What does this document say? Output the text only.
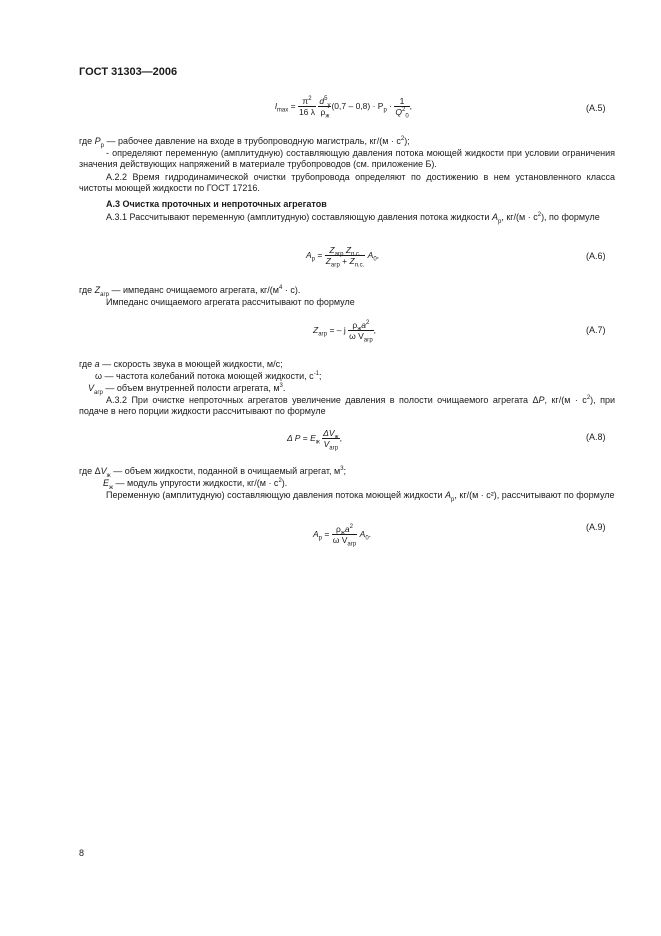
ГОСТ 31303—2006
$l_{max} = \frac{\pi^2}{16 \lambda}$
$d^5_у$
$\rho_ж$
$(0,7 - 0,8) \cdot P_р \cdot \frac{1}{Q^2_0}$ ,	(А.5)
где $P_р$ — рабочее давление на входе в трубопроводную магистраль, $кг/(м \cdot с^2)$;
- определяют переменную (амплитудную) составляющую давления потока моющей жидкости при условии ограничения значения действующих напряжений в материале трубопроводов (см. приложение Б).
А.2.2 Время гидродинамической очистки трубопровода определяют по достижению в нем установленного класса чистоты моющей жидкости по ГОСТ 17216.
А.3 Очистка проточных и непроточных агрегатов
А.3.1 Рассчитывают переменную (амплитудную) составляющую давления потока жидкости $A_р$, $кг/(м \cdot с^2)$, по формуле
$A_р = Z_{агр}$ $Z_{п.с.}$
$Z_{агр} + Z_{п.с.}$
$A_0$,	(А.6)
где $Z_{агр}$ — импеданс очищаемого агрегата, $кг/(м^4 \cdot с)$.
Импеданс очищаемого агрегата рассчитывают по формуле
$Z_{агр}$ = – j $\rho_жa^2$
ω $V_{агр}$
,	(А.7)
где a — скорость звука в моющей жидкости, м/с;
ω — частота колебаний потока моющей жидкости, $с^{-1}$;
$V_{агр}$ — объем внутренней полости агрегата, $м^3$.
А.3.2 При очистке непроточных агрегатов увеличение давления в полости очищаемого агрегата ΔP, $кг/(м \cdot с^2)$, при подаче в него порции жидкости рассчитывают по формуле
Δ $P = E_ж$
$\Delta V_ж$
$V_{агр}$
,	(А.8)
где $\Delta V_ж$ — объем жидкости, поданной в очищаемый агрегат, $м^3$;
$E_ж$ — модуль упругости жидкости, $кг/(м \cdot с^2)$.
Переменную (амплитудную) составляющую давления потока моющей жидкости $A_р$, кг/(м · с²), рассчитывают по формуле
$A_р = \rho_жa^2$
ω $V_{агр}$
$A_0$.
(А.9)
8
